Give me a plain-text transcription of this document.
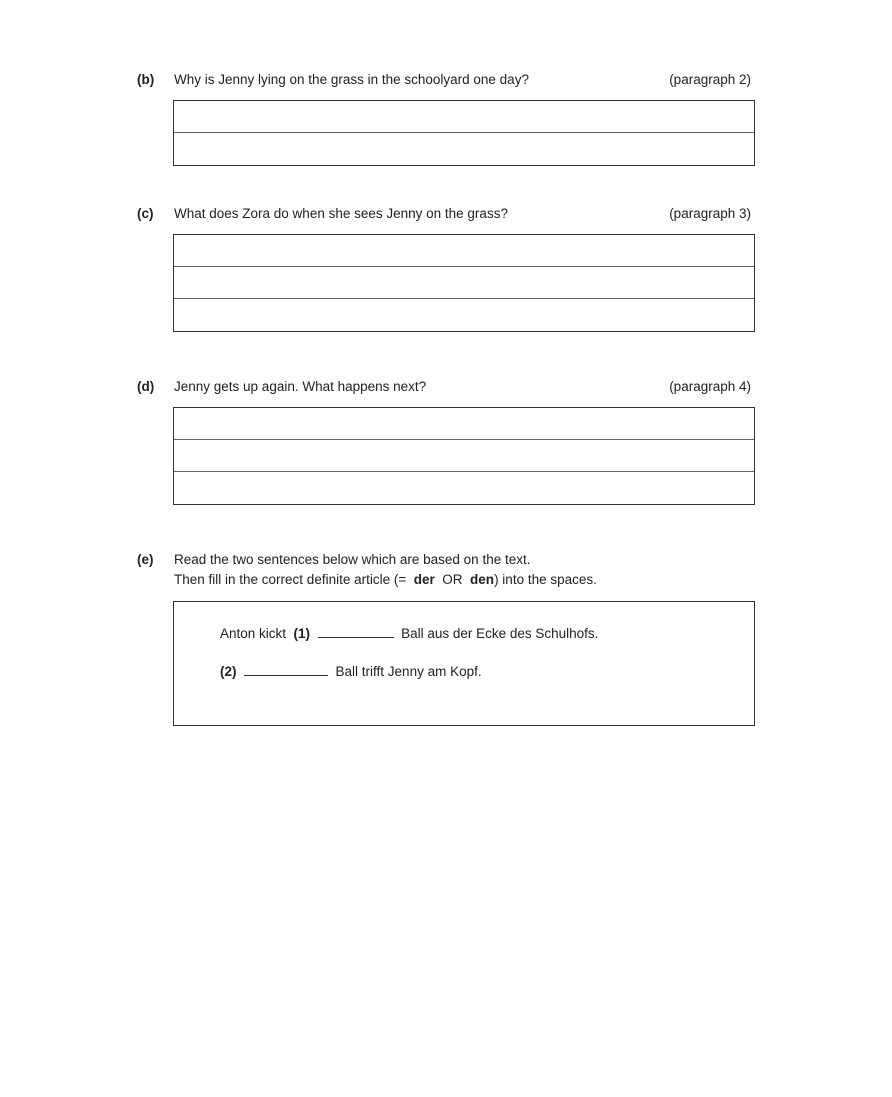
(b) Why is Jenny lying on the grass in the schoolyard one day?	(paragraph 2)
(c) What does Zora do when she sees Jenny on the grass?	(paragraph 3)
(d) Jenny gets up again. What happens next?	(paragraph 4)
(e) Read the two sentences below which are based on the text.
Then fill in the correct definite article (= der OR den) into the spaces.
Anton kickt (1)	Ball aus der Ecke des Schulhofs.
(2)	Ball trifft Jenny am Kopf.
